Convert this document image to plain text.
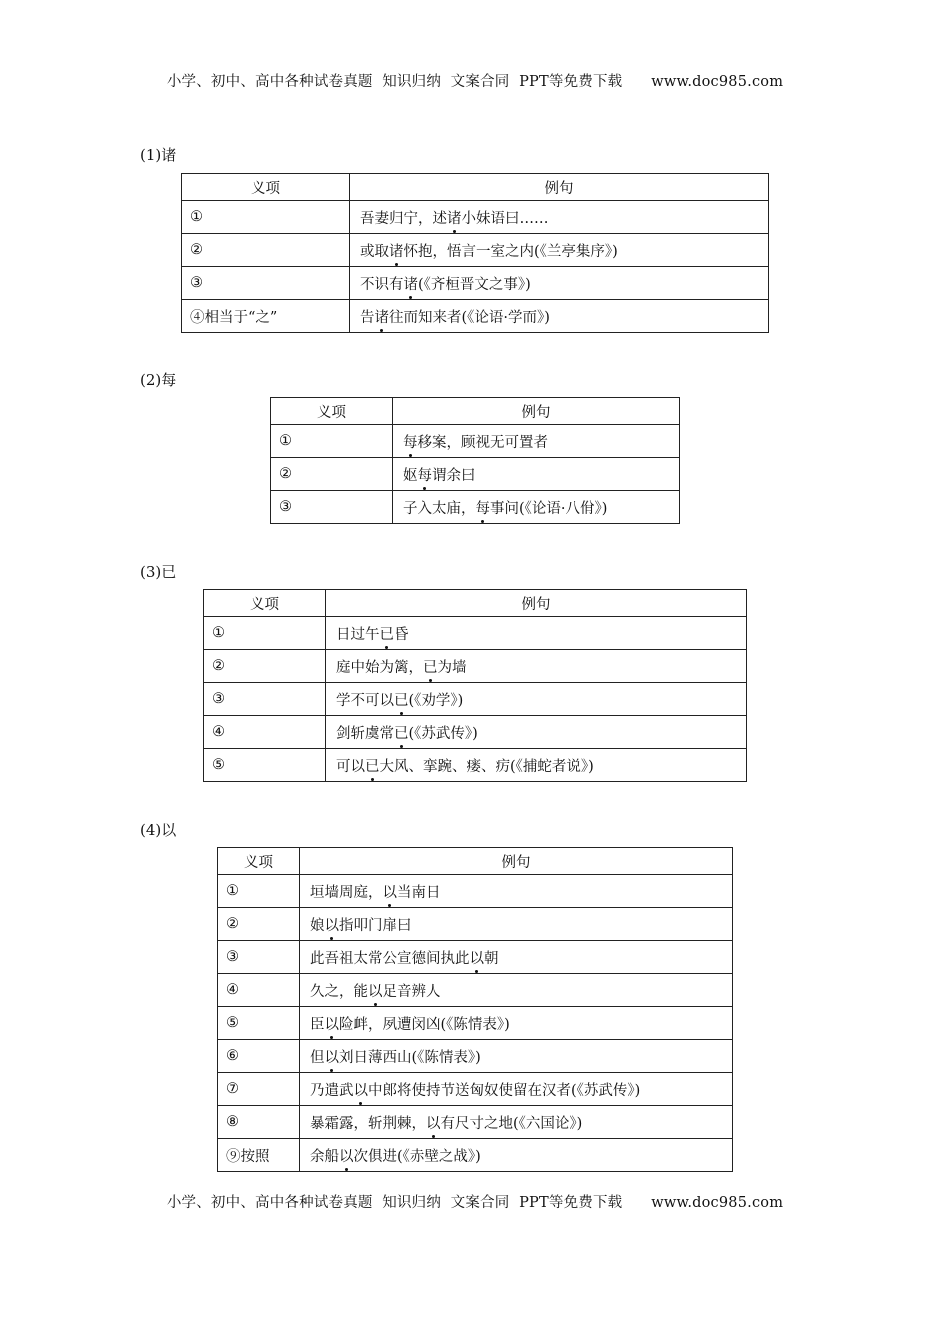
小学、初中、高中各种试卷真题  知识归纳  文案合同  PPT等免费下载      www.doc985.com
(1)诸
义项	例句
①	吾妻归宁，述诸小妹语曰……
②	或取诸怀抱，悟言一室之内(《兰亭集序》)
③	不识有诸(《齐桓晋文之事》)
④相当于“之”	告诸往而知来者(《论语·学而》)
(2)每
义项	例句
①	每移案，顾视无可置者
②	妪每谓余曰
③	子入太庙，每事问(《论语·八佾》)
(3)已
义项	例句
①	日过午已昏
②	庭中始为篱，已为墙
③	学不可以已(《劝学》)
④	剑斩虞常已(《苏武传》)
⑤	可以已大风、挛踠、瘘、疠(《捕蛇者说》)
(4)以
义项	例句
①	垣墙周庭，以当南日
②	娘以指叩门扉曰
③	此吾祖太常公宣德间执此以朝
④	久之，能以足音辨人
⑤	臣以险衅，夙遭闵凶(《陈情表》)
⑥	但以刘日薄西山(《陈情表》)
⑦	乃遣武以中郎将使持节送匈奴使留在汉者(《苏武传》)
⑧	暴霜露，斩荆棘，以有尺寸之地(《六国论》)
⑨按照	余船以次俱进(《赤壁之战》)
小学、初中、高中各种试卷真题  知识归纳  文案合同  PPT等免费下载      www.doc985.com
